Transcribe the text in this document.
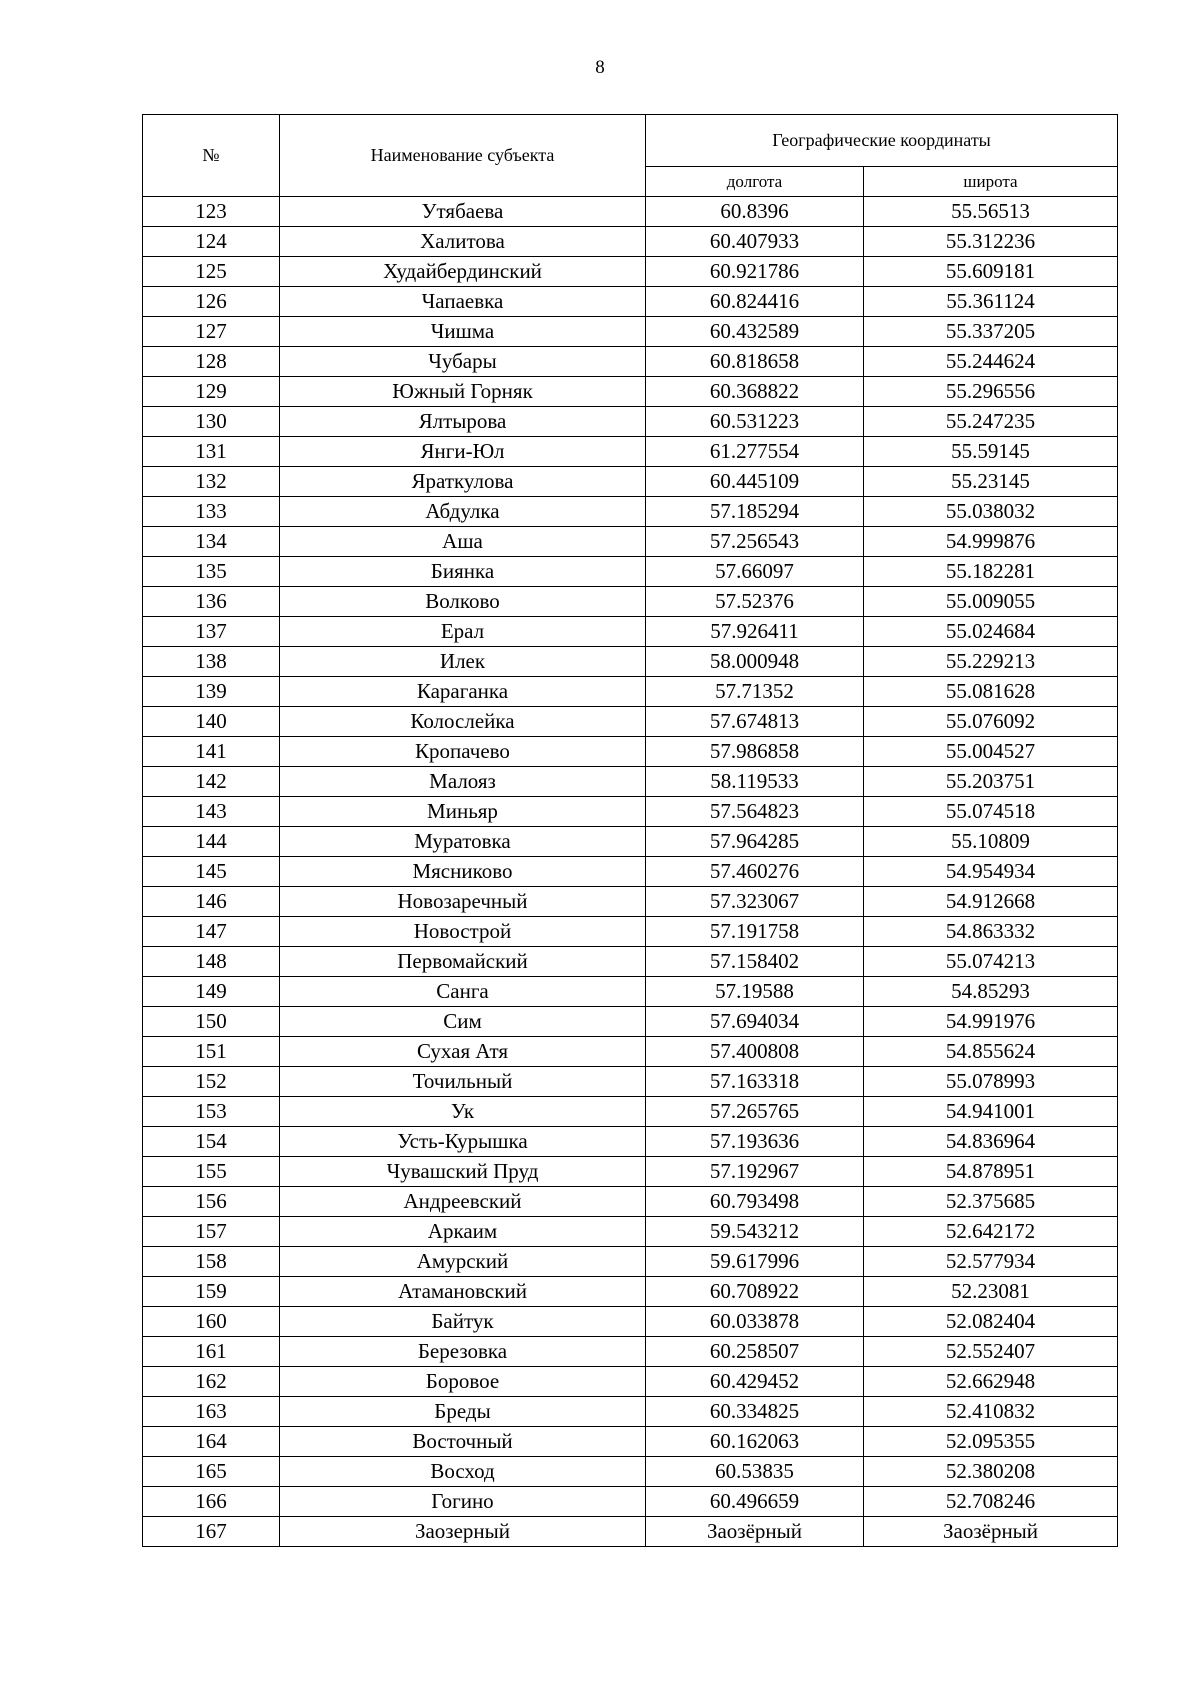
8
№	Наименование субъекта	Географические координаты	
		долгота	широта
123	Утябаева	60.8396	55.56513
124	Халитова	60.407933	55.312236
125	Худайбердинский	60.921786	55.609181
126	Чапаевка	60.824416	55.361124
127	Чишма	60.432589	55.337205
128	Чубары	60.818658	55.244624
129	Южный Горняк	60.368822	55.296556
130	Ялтырова	60.531223	55.247235
131	Янги-Юл	61.277554	55.59145
132	Яраткулова	60.445109	55.23145
133	Абдулка	57.185294	55.038032
134	Аша	57.256543	54.999876
135	Биянка	57.66097	55.182281
136	Волково	57.52376	55.009055
137	Ерал	57.926411	55.024684
138	Илек	58.000948	55.229213
139	Караганка	57.71352	55.081628
140	Колослейка	57.674813	55.076092
141	Кропачево	57.986858	55.004527
142	Малояз	58.119533	55.203751
143	Миньяр	57.564823	55.074518
144	Муратовка	57.964285	55.10809
145	Мясниково	57.460276	54.954934
146	Новозаречный	57.323067	54.912668
147	Новострой	57.191758	54.863332
148	Первомайский	57.158402	55.074213
149	Санга	57.19588	54.85293
150	Сим	57.694034	54.991976
151	Сухая Атя	57.400808	54.855624
152	Точильный	57.163318	55.078993
153	Ук	57.265765	54.941001
154	Усть-Курышка	57.193636	54.836964
155	Чувашский Пруд	57.192967	54.878951
156	Андреевский	60.793498	52.375685
157	Аркаим	59.543212	52.642172
158	Амурский	59.617996	52.577934
159	Атамановский	60.708922	52.23081
160	Байтук	60.033878	52.082404
161	Березовка	60.258507	52.552407
162	Боровое	60.429452	52.662948
163	Бреды	60.334825	52.410832
164	Восточный	60.162063	52.095355
165	Восход	60.53835	52.380208
166	Гогино	60.496659	52.708246
167	Заозерный	Заозёрный	Заозёрный
